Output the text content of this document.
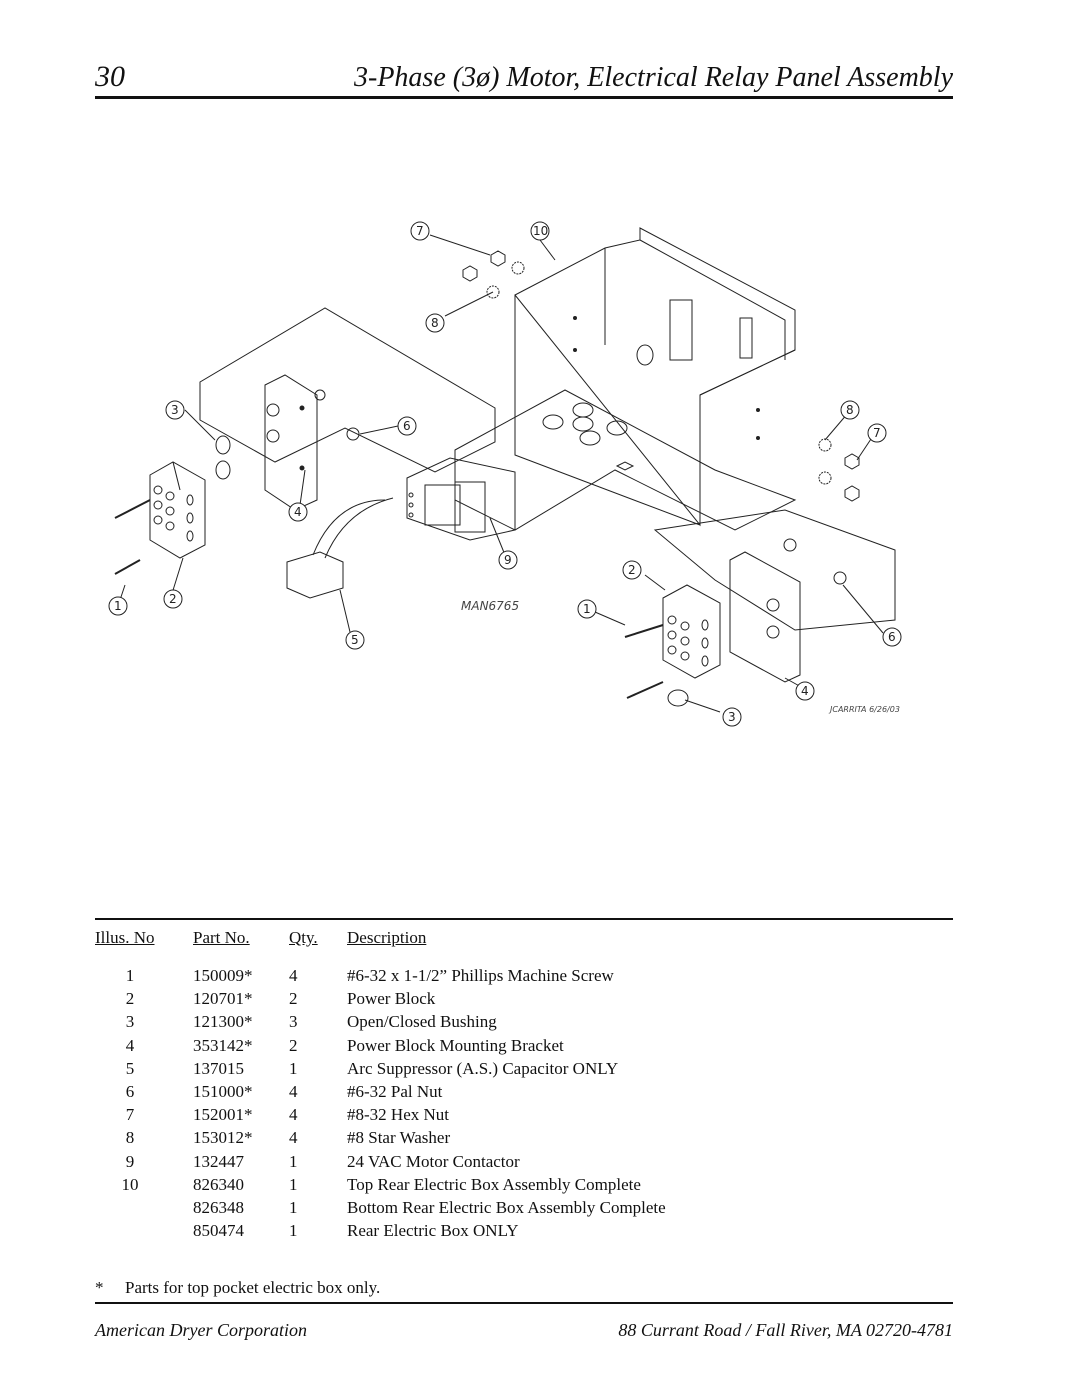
30	3-Phase (3ø) Motor, Electrical Relay Panel Assembly
MAN6765
JCARRITA 6/26/03
7	10
8
3
6
4
9
2
1
5
2
1
6
8
7
4
3
Illus. No	Part No.	Qty.	Description
1	150009*	4	#6-32 x 1-1/2” Phillips Machine Screw
2	120701*	2	Power Block
3	121300*	3	Open/Closed Bushing
4	353142*	2	Power Block Mounting Bracket
5	137015	1	Arc Suppressor (A.S.) Capacitor ONLY
6	151000*	4	#6-32 Pal Nut
7	152001*	4	#8-32 Hex Nut
8	153012*	4	#8 Star Washer
9	132447	1	24 VAC Motor Contactor
10	826340	1	Top Rear Electric Box Assembly Complete
	826348	1	Bottom Rear Electric Box Assembly Complete
	850474	1	Rear Electric Box ONLY
* Parts for top pocket electric box only.
American Dryer Corporation	88 Currant Road / Fall River, MA 02720-4781
